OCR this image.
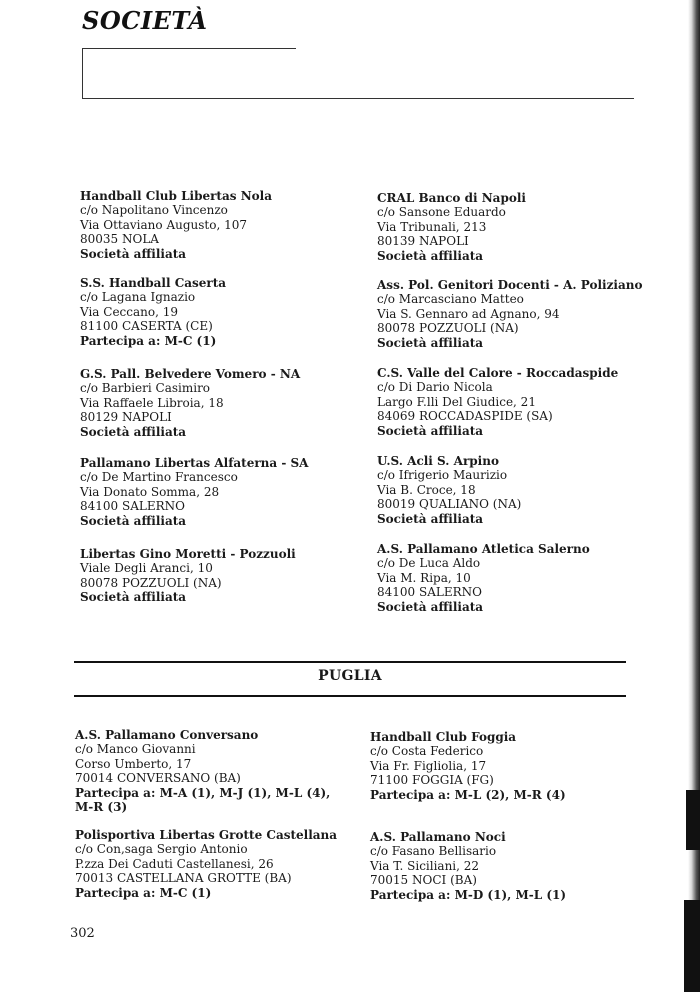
SOCIETÀ
Handball Club Libertas Nola
c/o Napolitano Vincenzo
Via Ottaviano Augusto, 107
80035 NOLA
Società affiliata
S.S. Handball Caserta
c/o Lagana Ignazio
Via Ceccano, 19
81100 CASERTA (CE)
Partecipa a: M-C (1)
G.S. Pall. Belvedere Vomero - NA
c/o Barbieri Casimiro
Via Raffaele Libroia, 18
80129 NAPOLI
Società affiliata
Pallamano Libertas Alfaterna - SA
c/o De Martino Francesco
Via Donato Somma, 28
84100 SALERNO
Società affiliata
Libertas Gino Moretti - Pozzuoli
Viale Degli Aranci, 10
80078 POZZUOLI (NA)
Società affiliata
CRAL Banco di Napoli
c/o Sansone Eduardo
Via Tribunali, 213
80139 NAPOLI
Società affiliata
Ass. Pol. Genitori Docenti - A. Poliziano
c/o Marcasciano Matteo
Via S. Gennaro ad Agnano, 94
80078 POZZUOLI (NA)
Società affiliata
C.S. Valle del Calore - Roccadaspide
c/o Di Dario Nicola
Largo F.lli Del Giudice, 21
84069 ROCCADASPIDE (SA)
Società affiliata
U.S. Acli S. Arpino
c/o Ifrigerio Maurizio
Via B. Croce, 18
80019 QUALIANO (NA)
Società affiliata
A.S. Pallamano Atletica Salerno
c/o De Luca Aldo
Via M. Ripa, 10
84100 SALERNO
Società affiliata
PUGLIA
A.S. Pallamano Conversano
c/o Manco Giovanni
Corso Umberto, 17
70014 CONVERSANO (BA)
Partecipa a: M-A (1), M-J (1), M-L (4),
M-R (3)
Polisportiva Libertas Grotte Castellana
c/o Con,saga Sergio Antonio
P.zza Dei Caduti Castellanesi, 26
70013 CASTELLANA GROTTE (BA)
Partecipa a: M-C (1)
Handball Club Foggia
c/o Costa Federico
Via Fr. Figliolia, 17
71100 FOGGIA (FG)
Partecipa a: M-L (2), M-R (4)
A.S. Pallamano Noci
c/o Fasano Bellisario
Via T. Siciliani, 22
70015 NOCI (BA)
Partecipa a: M-D (1), M-L (1)
302
